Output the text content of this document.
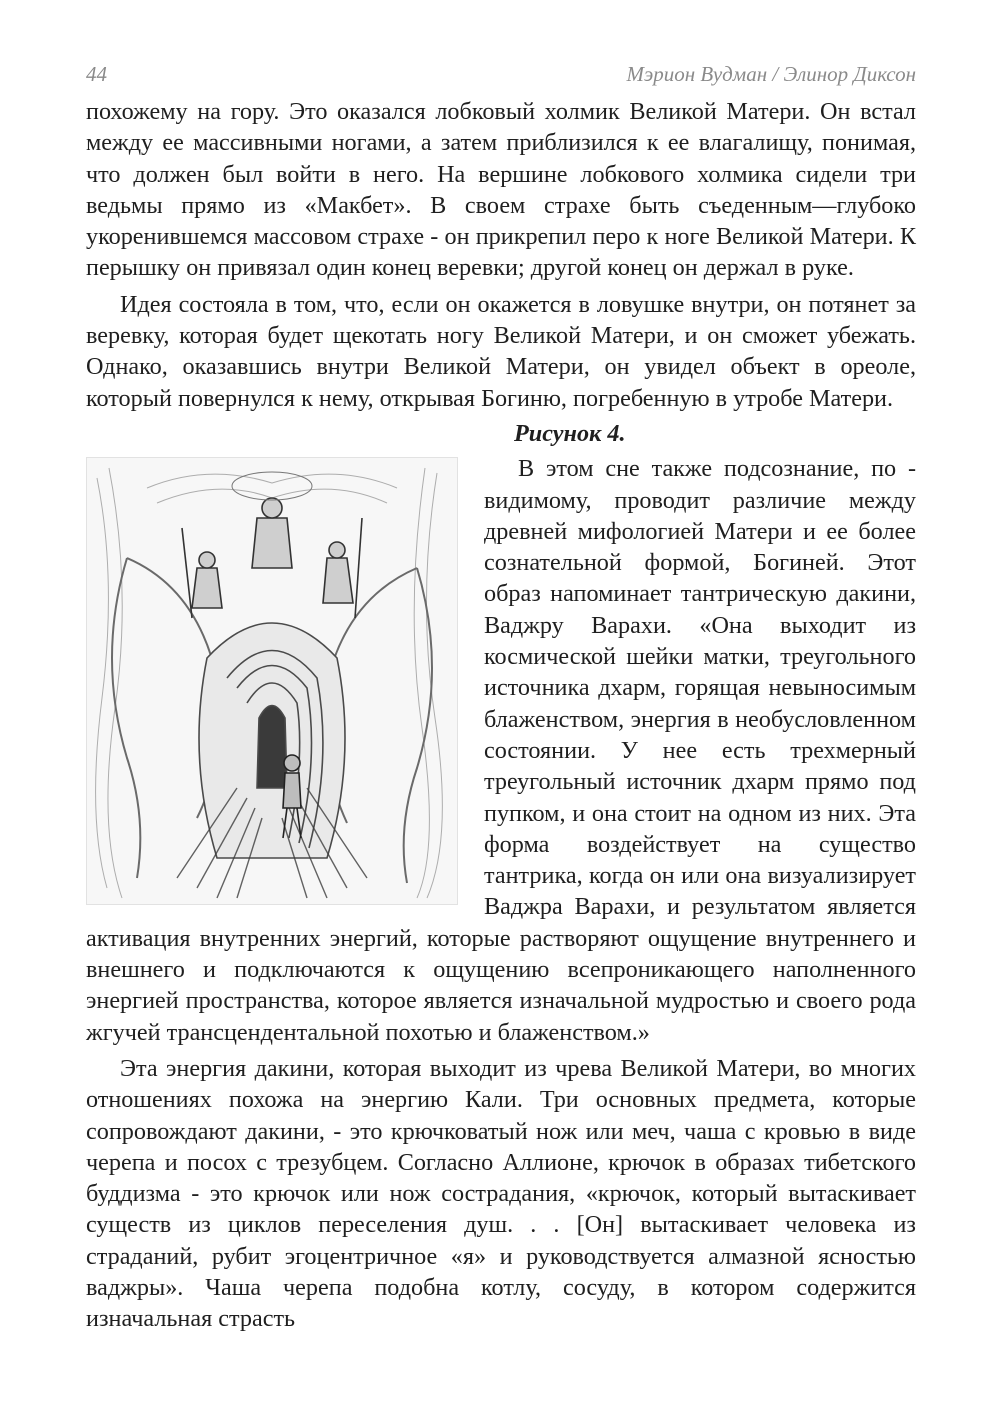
44	Мэрион Вудман / Элинор Диксон

похожему на гору. Это оказался лобковый холмик Великой Матери. Он встал между ее массивными ногами, а затем приблизился к ее влагалищу, понимая, что должен был войти в него. На вершине лобкового холмика сидели три ведьмы прямо из «Макбет». В своем страхе быть съеденным—глубоко укоренившемся массовом страхе - он прикрепил перо к ноге Великой Матери. К перышку он привязал один конец веревки; другой конец он держал в руке.

Идея состояла в том, что, если он окажется в ловушке внутри, он потянет за веревку, которая будет щекотать ногу Великой Матери, и он сможет убежать. Однако, оказавшись внутри Великой Матери, он увидел объект в ореоле, который повернулся к нему, открывая Богиню, погребенную в утробе Матери.

Рисунок 4.

В этом сне также подсознание, по - видимому, проводит различие между древней мифологией Матери и ее более сознательной формой, Богиней. Этот образ напоминает тантрическую дакини, Ваджру Варахи. «Она выходит из космической шейки матки, треугольного источника дхарм, горящая невыносимым блаженством, энергия в необусловленном состоянии. У нее есть трехмерный треугольный источник дхарм прямо под пупком, и она стоит на одном из них. Эта форма воздействует на существо тантрика, когда он или она визуализирует Ваджра Варахи, и результатом является активация внутренних энергий, которые растворяют ощущение внутреннего и внешнего и подключаются к ощущению всепроникающего наполненного энергией пространства, которое является изначальной мудростью и своего рода жгучей трансцендентальной похотью и блаженством.»

Эта энергия дакини, которая выходит из чрева Великой Матери, во многих отношениях похожа на энергию Кали. Три основных предмета, которые сопровождают дакини, - это крючковатый нож или меч, чаша с кровью в виде черепа и посох с трезубцем. Согласно Аллионе, крючок в образах тибетского буддизма - это крючок или нож сострадания, «крючок, который вытаскивает существ из циклов переселения душ. . . [Он] вытаскивает человека из страданий, рубит эгоцентричное «я» и руководствуется алмазной ясностью ваджры». Чаша черепа подобна котлу, сосуду, в котором содержится изначальная страсть
